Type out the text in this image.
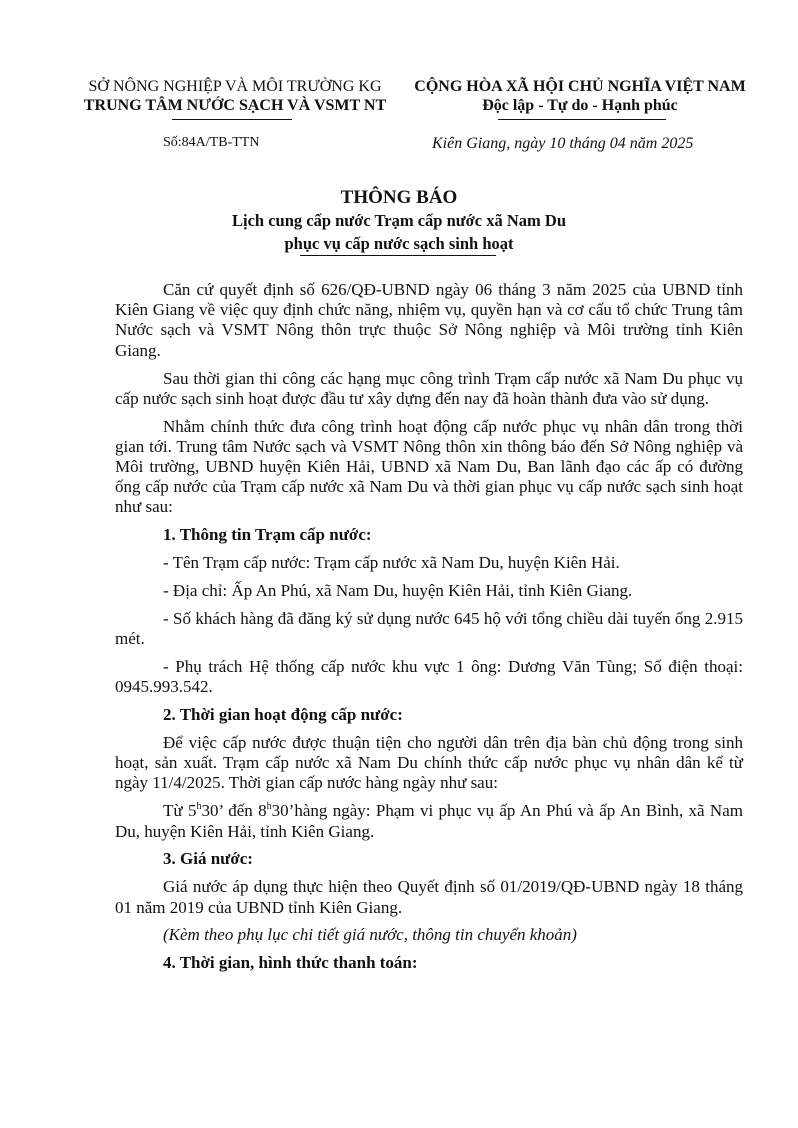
SỞ NÔNG NGHIỆP VÀ MÔI TRƯỜNG KG
TRUNG TÂM NƯỚC SẠCH VÀ VSMT NT
CỘNG HÒA XÃ HỘI CHỦ NGHĨA VIỆT NAM
Độc lập - Tự do - Hạnh phúc
Số:84A/TB-TTN	Kiên Giang, ngày 10 tháng 04 năm 2025
THÔNG BÁO
Lịch cung cấp nước Trạm cấp nước xã Nam Du
phục vụ cấp nước sạch sinh hoạt

Căn cứ quyết định số 626/QĐ-UBND ngày 06 tháng 3 năm 2025 của UBND tỉnh Kiên Giang về việc quy định chức năng, nhiệm vụ, quyền hạn và cơ cấu tổ chức Trung tâm Nước sạch và VSMT Nông thôn trực thuộc Sở Nông nghiệp và Môi trường tỉnh Kiên Giang.

Sau thời gian thi công các hạng mục công trình Trạm cấp nước xã Nam Du phục vụ cấp nước sạch sinh hoạt được đầu tư xây dựng đến nay đã hoàn thành đưa vào sử dụng.

Nhằm chính thức đưa công trình hoạt động cấp nước phục vụ nhân dân trong thời gian tới. Trung tâm Nước sạch và VSMT Nông thôn xin thông báo đến Sở Nông nghiệp và Môi trường, UBND huyện Kiên Hải, UBND xã Nam Du, Ban lãnh đạo các ấp có đường ống cấp nước của Trạm cấp nước xã Nam Du và thời gian phục vụ cấp nước sạch sinh hoạt như sau:

1. Thông tin Trạm cấp nước:

- Tên Trạm cấp nước: Trạm cấp nước xã Nam Du, huyện Kiên Hải.

- Địa chỉ: Ấp An Phú, xã Nam Du, huyện Kiên Hải, tỉnh Kiên Giang.

- Số khách hàng đã đăng ký sử dụng nước 645 hộ với tổng chiều dài tuyến ống 2.915 mét.

- Phụ trách Hệ thống cấp nước khu vực 1 ông: Dương Văn Tùng; Số điện thoại: 0945.993.542.

2. Thời gian hoạt động cấp nước:

Để việc cấp nước được thuận tiện cho người dân trên địa bàn chủ động trong sinh hoạt, sản xuất. Trạm cấp nước xã Nam Du chính thức cấp nước phục vụ nhân dân kể từ ngày 11/4/2025. Thời gian cấp nước hàng ngày như sau:

Từ 5$^h$30’ đến 8$^h$30’hàng ngày: Phạm vi phục vụ ấp An Phú và ấp An Bình, xã Nam Du, huyện Kiên Hải, tỉnh Kiên Giang.

3. Giá nước:

Giá nước áp dụng thực hiện theo Quyết định số 01/2019/QĐ-UBND ngày 18 tháng 01 năm 2019 của UBND tỉnh Kiên Giang.

(Kèm theo phụ lục chi tiết giá nước, thông tin chuyển khoản)

4. Thời gian, hình thức thanh toán:
